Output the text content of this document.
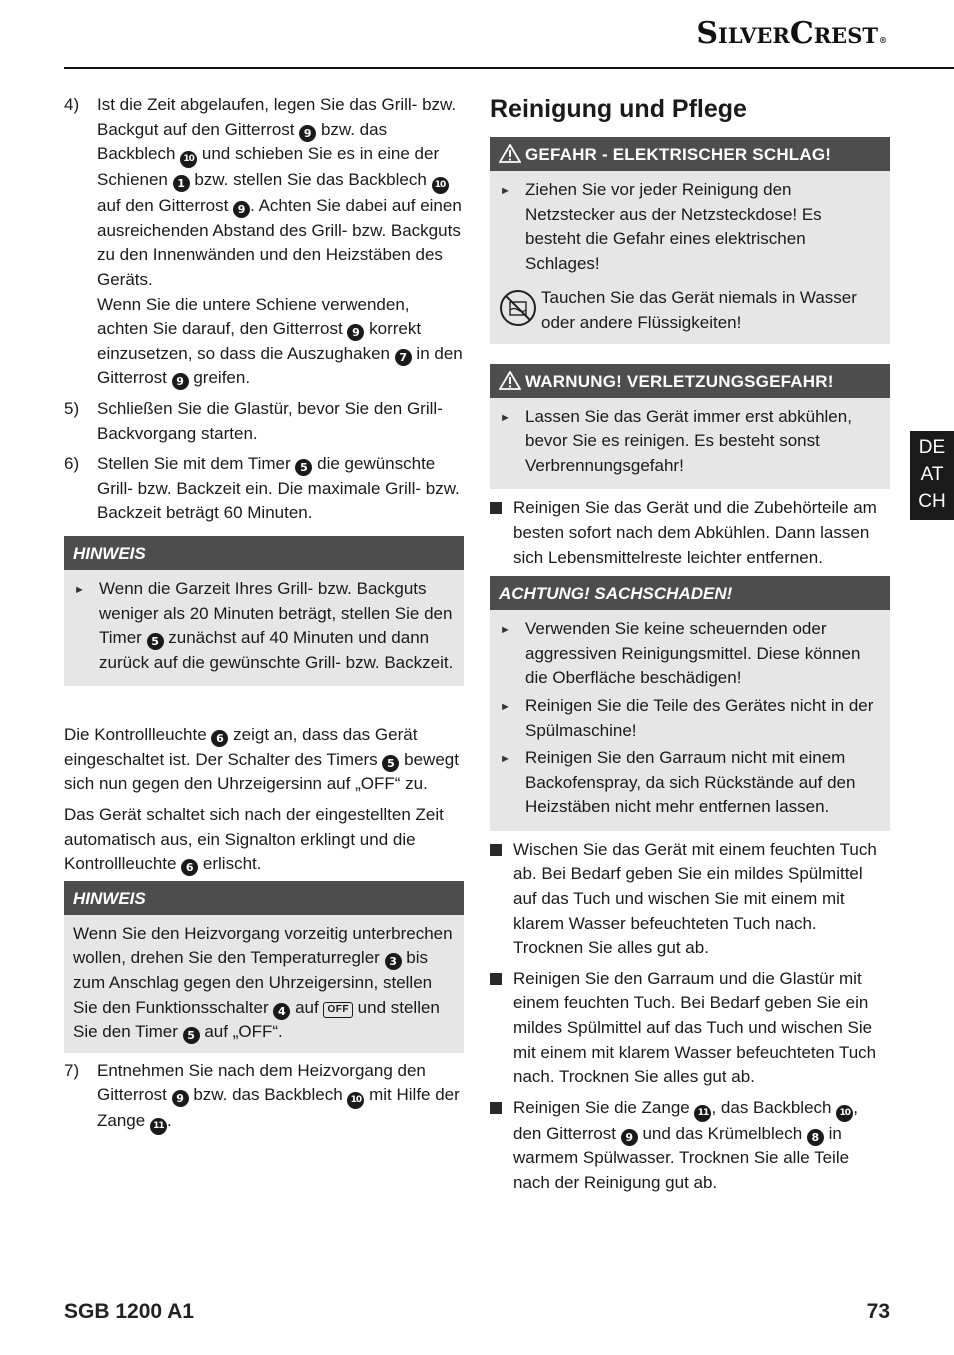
SilverCrest®
4)	Ist die Zeit abgelaufen, legen Sie das Grill- bzw. Backgut auf den Gitterrost 9 bzw. das Backblech 10 und schieben Sie es in eine der Schienen 1 bzw. stellen Sie das Backblech 10 auf den Gitterrost 9 . Achten Sie dabei auf einen ausreichenden Abstand des Grill- bzw. Backguts zu den Innenwänden und den Heizstäben des Geräts.
Wenn Sie die untere Schiene verwenden, achten Sie darauf, den Gitterrost 9 korrekt einzusetzen, so dass die Auszughaken 7 in den Gitterrost 9 greifen.
5)	Schließen Sie die Glastür, bevor Sie den Grill-Backvorgang starten.
6)	Stellen Sie mit dem Timer 5 die gewünschte Grill- bzw. Backzeit ein. Die maximale Grill- bzw. Backzeit beträgt 60 Minuten.
HINWEIS
► Wenn die Garzeit Ihres Grill- bzw. Backguts weniger als 20 Minuten beträgt, stellen Sie den Timer 5 zunächst auf 40 Minuten und dann zurück auf die gewünschte Grill- bzw. Backzeit.

Die Kontrollleuchte 6 zeigt an, dass das Gerät eingeschaltet ist. Der Schalter des Timers 5 bewegt sich nun gegen den Uhrzeigersinn auf „OFF“ zu.

Das Gerät schaltet sich nach der eingestellten Zeit automatisch aus, ein Signalton erklingt und die Kontrollleuchte 6 erlischt.

HINWEIS
Wenn Sie den Heizvorgang vorzeitig unterbrechen wollen, drehen Sie den Temperaturregler 3 bis zum Anschlag gegen den Uhrzeigersinn, stellen Sie den Funktionsschalter 4 auf OFF und stellen Sie den Timer 5 auf „OFF“.
7)	Entnehmen Sie nach dem Heizvorgang den Gitterrost 9 bzw. das Backblech 10 mit Hilfe der Zange 11 .
Reinigung und Pflege
GEFAHR - ELEKTRISCHER SCHLAG!
► Ziehen Sie vor jeder Reinigung den Netzstecker aus der Netzsteckdose! Es besteht die Gefahr eines elektrischen Schlages!
Tauchen Sie das Gerät niemals in Wasser oder andere Flüssigkeiten!
WARNUNG! VERLETZUNGSGEFAHR!
► Lassen Sie das Gerät immer erst abkühlen, bevor Sie es reinigen. Es besteht sonst Verbrennungsgefahr!
Reinigen Sie das Gerät und die Zubehörteile am besten sofort nach dem Abkühlen. Dann lassen sich Lebensmittelreste leichter entfernen.
ACHTUNG! SACHSCHADEN!
► Verwenden Sie keine scheuernden oder aggressiven Reinigungsmittel. Diese können die Oberfläche beschädigen!
► Reinigen Sie die Teile des Gerätes nicht in der Spülmaschine!
► Reinigen Sie den Garraum nicht mit einem Backofenspray, da sich Rückstände auf den Heizstäben nicht mehr entfernen lassen.
Wischen Sie das Gerät mit einem feuchten Tuch ab. Bei Bedarf geben Sie ein mildes Spülmittel auf das Tuch und wischen Sie mit einem mit klarem Wasser befeuchteten Tuch nach. Trocknen Sie alles gut ab.
Reinigen Sie den Garraum und die Glastür mit einem feuchten Tuch. Bei Bedarf geben Sie ein mildes Spülmittel auf das Tuch und wischen Sie mit einem mit klarem Wasser befeuchteten Tuch nach. Trocknen Sie alles gut ab.
Reinigen Sie die Zange 11 , das Backblech 10 , den Gitterrost 9 und das Krümelblech 8 in warmem Spülwasser. Trocknen Sie alle Teile nach der Reinigung gut ab.
DE
AT
CH
SGB 1200 A1	73
